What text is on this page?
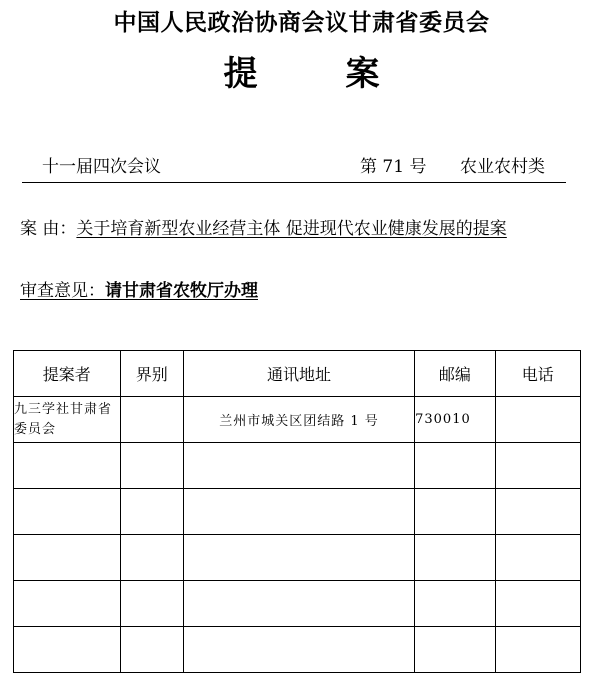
中国人民政治协商会议甘肃省委员会
提案
十一届四次会议	第 71 号 农业农村类
案 由：关于培育新型农业经营主体 促进现代农业健康发展的提案
审查意见：请甘肃省农牧厅办理
提案者	界别	通讯地址	邮编	电话
九三学社甘肃省委员会		兰州市城关区团结路 1 号	730010	
